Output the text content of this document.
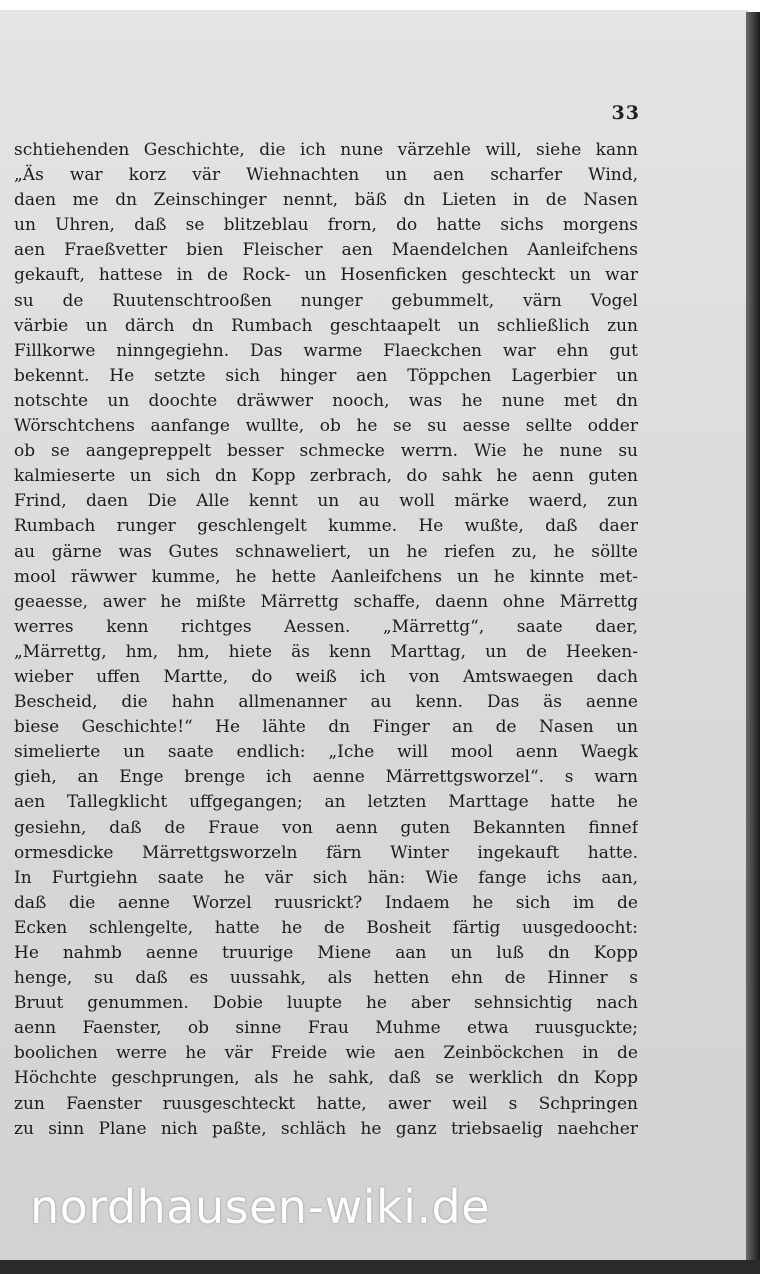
33
schtiehenden Geschichte, die ich nune värzehle will, siehe kann
„Äs war korz vär Wiehnachten un aen scharfer Wind,
daen me dn Zeinschinger nennt, bäß dn Lieten in de Nasen
un Uhren, daß se blitzeblau frorn, do hatte sichs morgens
aen Fraeßvetter bien Fleischer aen Maendelchen Aanleifchens
gekauft, hattese in de Rock- un Hosenficken geschteckt un war
su de Ruutenschtrooßen nunger gebummelt, värn Vogel
värbie un därch dn Rumbach geschtaapelt un schließlich zun
Fillkorwe ninngegiehn. Das warme Flaeckchen war ehn gut
bekennt. He setzte sich hinger aen Töppchen Lagerbier un
notschte un doochte dräwwer nooch, was he nune met dn
Wörschtchens aanfange wullte, ob he se su aesse sellte odder
ob se aangepreppelt besser schmecke werrn. Wie he nune su
kalmieserte un sich dn Kopp zerbrach, do sahk he aenn guten
Frind, daen Die Alle kennt un au woll märke waerd, zun
Rumbach runger geschlengelt kumme. He wußte, daß daer
au gärne was Gutes schnaweliert, un he riefen zu, he söllte
mool räwwer kumme, he hette Aanleifchens un he kinnte met-
geaesse, awer he mißte Märrettg schaffe, daenn ohne Märrettg
werres kenn richtges Aessen. „Märrettg“, saate daer,
„Märrettg, hm, hm, hiete äs kenn Marttag, un de Heeken-
wieber uffen Martte, do weiß ich von Amtswaegen dach
Bescheid, die hahn allmenanner au kenn. Das äs aenne
biese Geschichte!“ He lähte dn Finger an de Nasen un
simelierte un saate endlich: „Iche will mool aenn Waegk
gieh, an Enge brenge ich aenne Märrettgsworzel“. s warn
aen Tallegklicht uffgegangen; an letzten Marttage hatte he
gesiehn, daß de Fraue von aenn guten Bekannten finnef
ormesdicke Märrettgsworzeln färn Winter ingekauft hatte.
In Furtgiehn saate he vär sich hän: Wie fange ichs aan,
daß die aenne Worzel ruusrickt? Indaem he sich im de
Ecken schlengelte, hatte he de Bosheit färtig uusgedoocht:
He nahmb aenne truurige Miene aan un luß dn Kopp
henge, su daß es uussahk, als hetten ehn de Hinner s
Bruut genummen. Dobie luupte he aber sehnsichtig nach
aenn Faenster, ob sinne Frau Muhme etwa ruusguckte;
boolichen werre he vär Freide wie aen Zeinböckchen in de
Höchchte geschprungen, als he sahk, daß se werklich dn Kopp
zun Faenster ruusgeschteckt hatte, awer weil s Schpringen
zu sinn Plane nich paßte, schläch he ganz triebsaelig naehcher
nordhausen-wiki.de
